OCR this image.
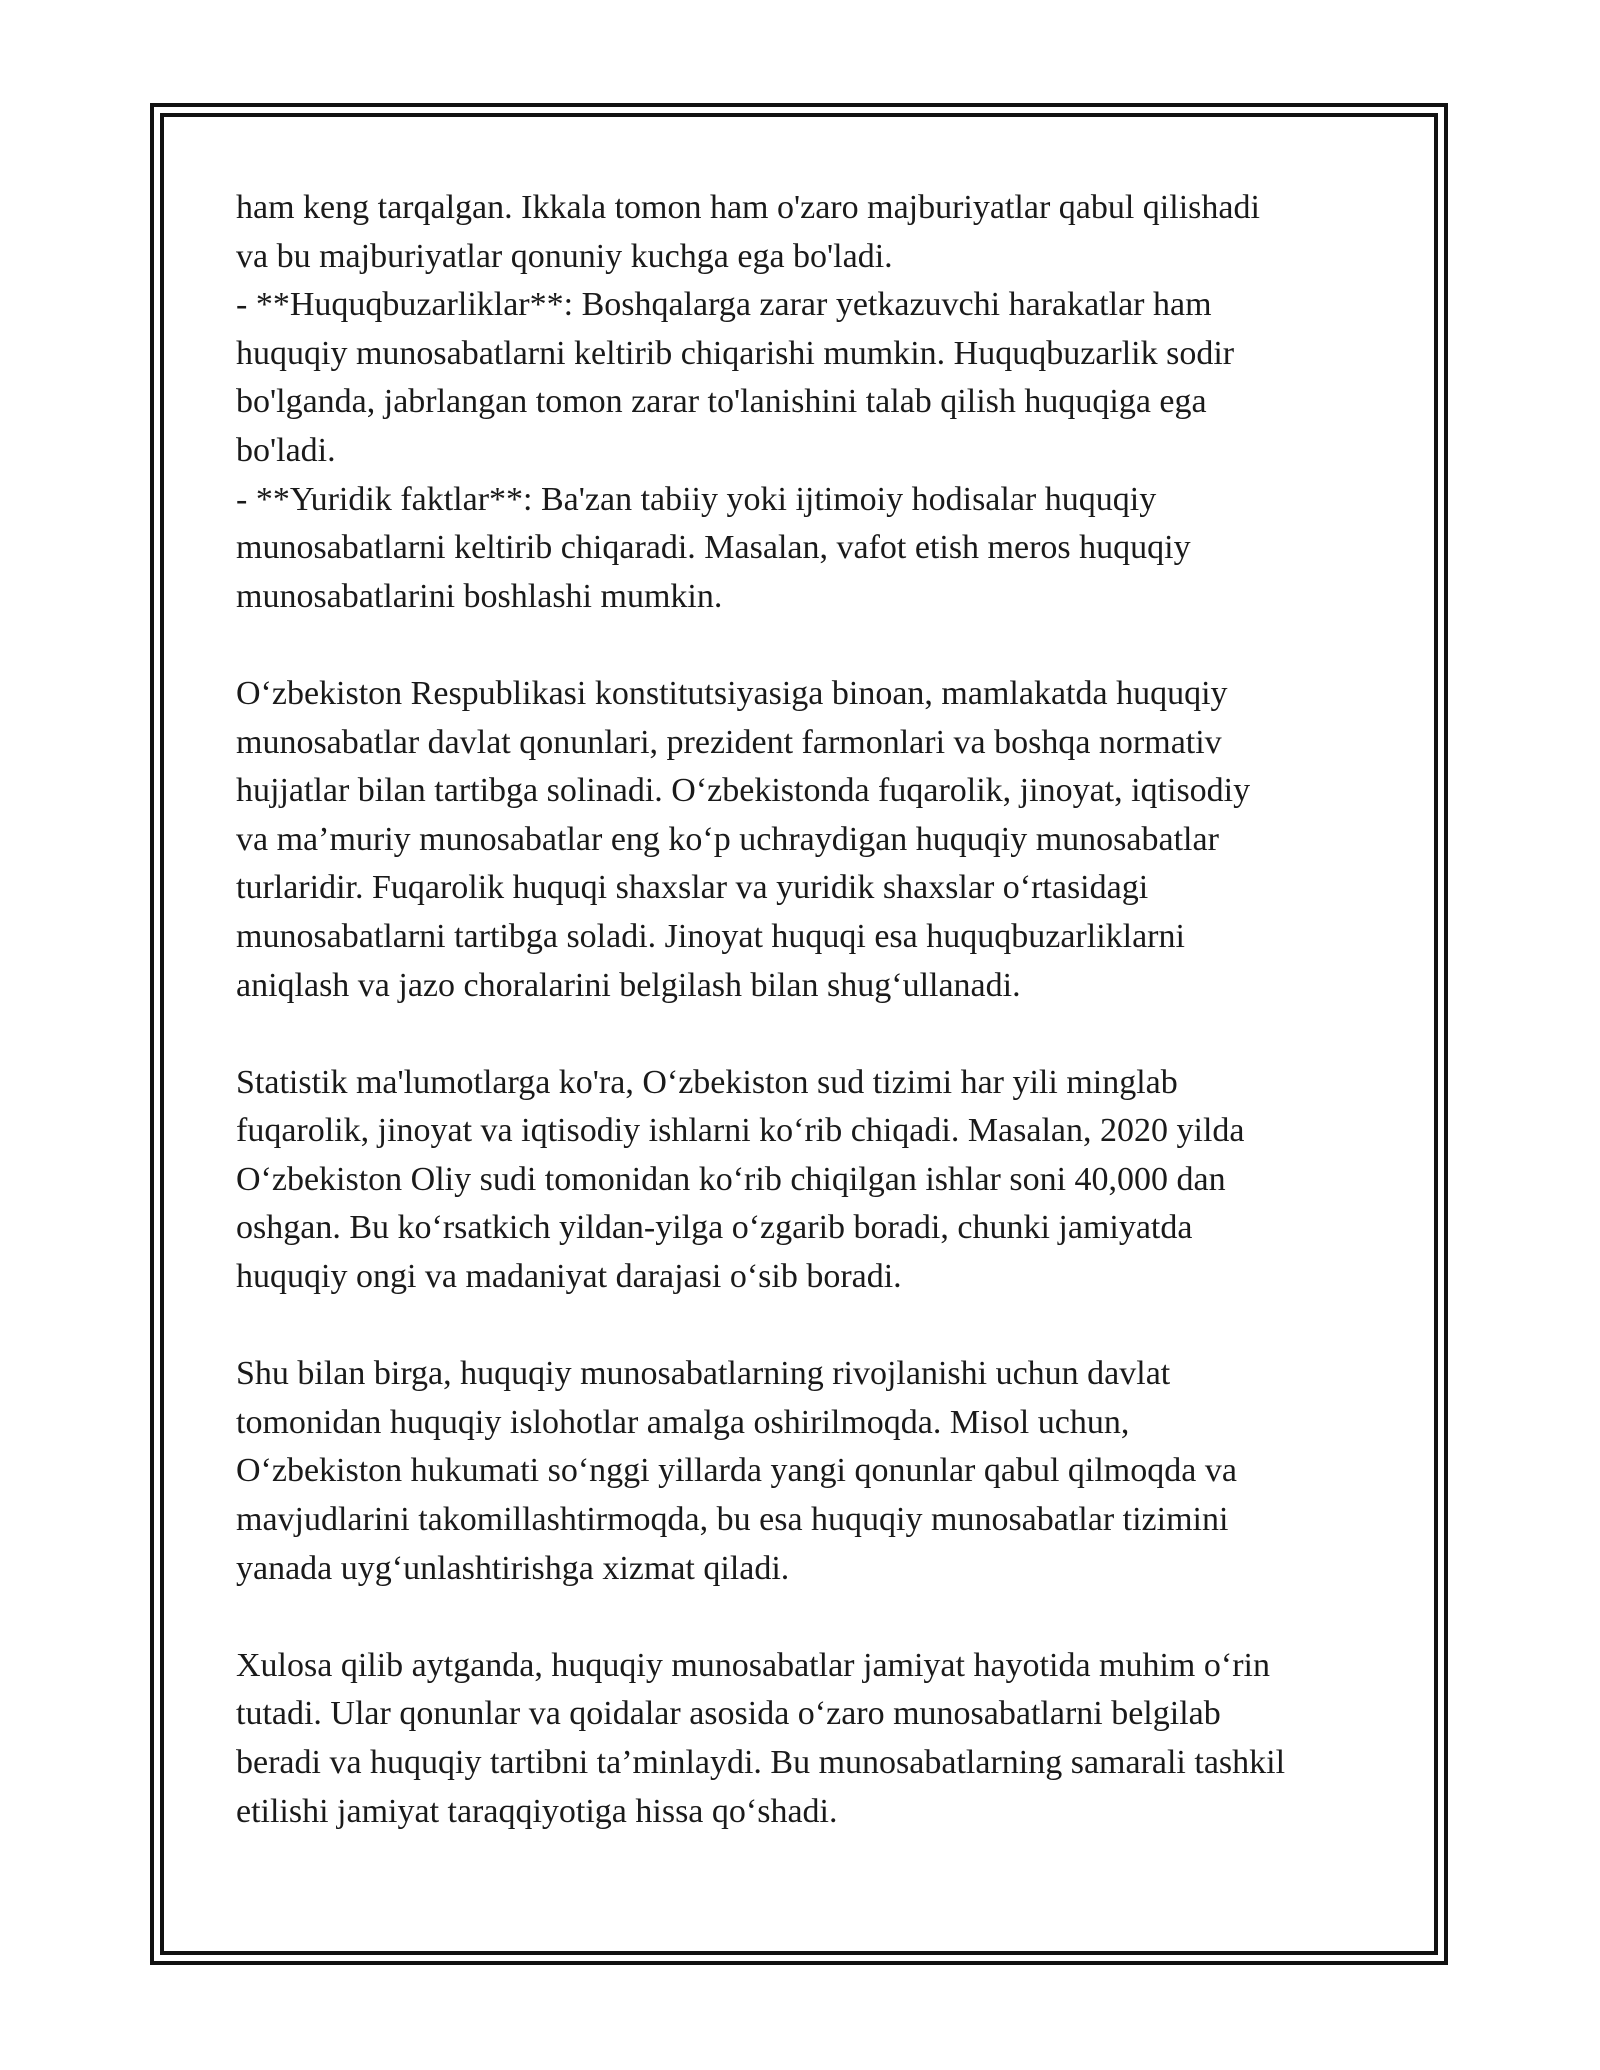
ham keng tarqalgan. Ikkala tomon ham o'zaro majburiyatlar qabul qilishadi

va bu majburiyatlar qonuniy kuchga ega bo'ladi.

- **Huquqbuzarliklar**: Boshqalarga zarar yetkazuvchi harakatlar ham

huquqiy munosabatlarni keltirib chiqarishi mumkin. Huquqbuzarlik sodir

bo'lganda, jabrlangan tomon zarar to'lanishini talab qilish huquqiga ega

bo'ladi.

- **Yuridik faktlar**: Ba'zan tabiiy yoki ijtimoiy hodisalar huquqiy

munosabatlarni keltirib chiqaradi. Masalan, vafot etish meros huquqiy

munosabatlarini boshlashi mumkin.

O‘zbekiston Respublikasi konstitutsiyasiga binoan, mamlakatda huquqiy

munosabatlar davlat qonunlari, prezident farmonlari va boshqa normativ

hujjatlar bilan tartibga solinadi. O‘zbekistonda fuqarolik, jinoyat, iqtisodiy

va ma’muriy munosabatlar eng ko‘p uchraydigan huquqiy munosabatlar

turlaridir. Fuqarolik huquqi shaxslar va yuridik shaxslar o‘rtasidagi

munosabatlarni tartibga soladi. Jinoyat huquqi esa huquqbuzarliklarni

aniqlash va jazo choralarini belgilash bilan shug‘ullanadi.

Statistik ma'lumotlarga ko'ra, O‘zbekiston sud tizimi har yili minglab

fuqarolik, jinoyat va iqtisodiy ishlarni ko‘rib chiqadi. Masalan, 2020 yilda

O‘zbekiston Oliy sudi tomonidan ko‘rib chiqilgan ishlar soni 40,000 dan

oshgan. Bu ko‘rsatkich yildan-yilga o‘zgarib boradi, chunki jamiyatda

huquqiy ongi va madaniyat darajasi o‘sib boradi.

Shu bilan birga, huquqiy munosabatlarning rivojlanishi uchun davlat

tomonidan huquqiy islohotlar amalga oshirilmoqda. Misol uchun,

O‘zbekiston hukumati so‘nggi yillarda yangi qonunlar qabul qilmoqda va

mavjudlarini takomillashtirmoqda, bu esa huquqiy munosabatlar tizimini

yanada uyg‘unlashtirishga xizmat qiladi.

Xulosa qilib aytganda, huquqiy munosabatlar jamiyat hayotida muhim o‘rin

tutadi. Ular qonunlar va qoidalar asosida o‘zaro munosabatlarni belgilab

beradi va huquqiy tartibni ta’minlaydi. Bu munosabatlarning samarali tashkil

etilishi jamiyat taraqqiyotiga hissa qo‘shadi.
